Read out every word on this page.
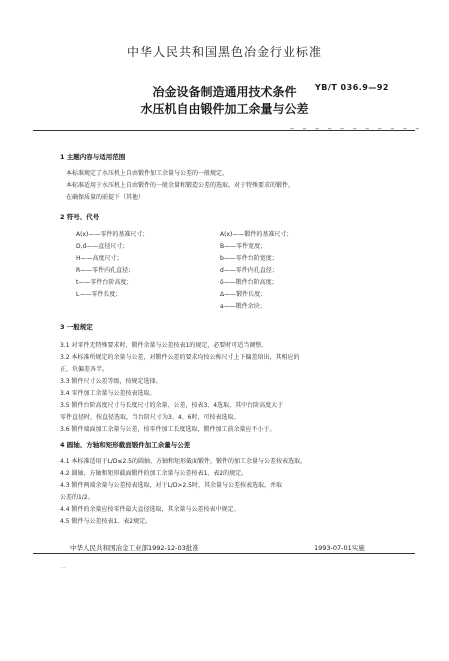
中华人民共和国黑色冶金行业标准
YB/T 036.9—92
冶金设备制造通用技术条件
水压机自由锻件加工余量与公差
– – – – – – – – – – –
1 主题内容与适用范围
本标准规定了水压机上自由锻件加工余量与公差的一般规定。
本标准适用于水压机上自由锻件的一般余量和锻造公差的选取，对于特殊要求的锻件，
在确保质量的前提下（其他）
2 符号、代号
A(x)——零件的基准尺寸；
D,d——直径尺寸；
H——高度尺寸；
R——零件内孔直径；
t——零件台阶高度；
L——零件长度；
A(x)——锻件的基准尺寸；
B——零件宽度；
b——零件台阶宽度；
d——零件内孔直径；
δ——锻件台阶高度；
Δ——锻件长度；
a——锻件余块；
3 一般规定
3.1 对零件无特殊要求时，锻件余量与公差按表1的规定，必要时可适当调整。
3.2 本标准所规定的余量与公差，对锻件公差的要求均按公称尺寸上下偏差给出，其相应的
正，负偏差各半。
3.3 锻件尺寸公差等级，按规定选择。
3.4 零件加工余量与公差按表选取。
3.5 锻件台阶高度尺寸与长度尺寸的余量、公差，按表3、4选取，其中台阶高度大于
零件直径时，按直径选取，当台阶尺寸为3、4、6时，可按表选取。
3.6 锻件端面加工余量与公差，按零件加工长度选取，锻件加工前余量应不小于。
4 圆轴、方轴和矩形截面锻件加工余量与公差
4.1 本标准适用于L/D≤2.5的圆轴、方轴和矩形截面锻件，锻件的加工余量与公差按表选取。
4.2 圆轴、方轴和矩形截面锻件的加工余量与公差按表1、表2的规定。
4.3 锻件两端余量与公差按表选取，对于L/D>2.5时，其余量与公差按表选取，并取
公差的1/2。
4.4 锻件的余量应按零件最大直径选取，其余量与公差按表中规定。
4.5 锻件与公差按表1、表2规定。
中华人民共和国冶金工业部1992-12-03批准	1993-07-01实施
一
